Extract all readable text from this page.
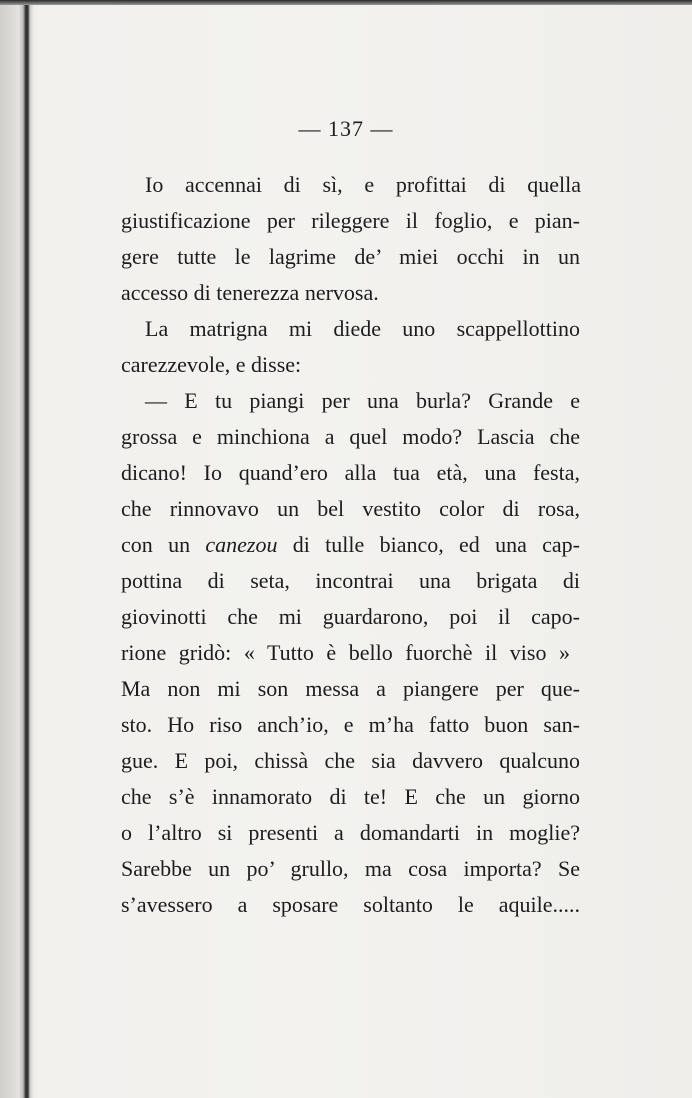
— 137 —
Io accennai di sì, e profittai di quella
giustificazione per rileggere il foglio, e pian-
gere tutte le lagrime de’ miei occhi in un
accesso di tenerezza nervosa.
La matrigna mi diede uno scappellottino
carezzevole, e disse:
— E tu piangi per una burla? Grande e
grossa e minchiona a quel modo? Lascia che
dicano! Io quand’ero alla tua età, una festa,
che rinnovavo un bel vestito color di rosa,
con un canezou di tulle bianco, ed una cap-
pottina di seta, incontrai una brigata di
giovinotti che mi guardarono, poi il capo-
rione gridò: « Tutto è bello fuorchè il viso »
Ma non mi son messa a piangere per que-
sto. Ho riso anch’io, e m’ha fatto buon san-
gue. E poi, chissà che sia davvero qualcuno
che s’è innamorato di te! E che un giorno
o l’altro si presenti a domandarti in moglie?
Sarebbe un po’ grullo, ma cosa importa? Se
s’avessero a sposare soltanto le aquile.....
